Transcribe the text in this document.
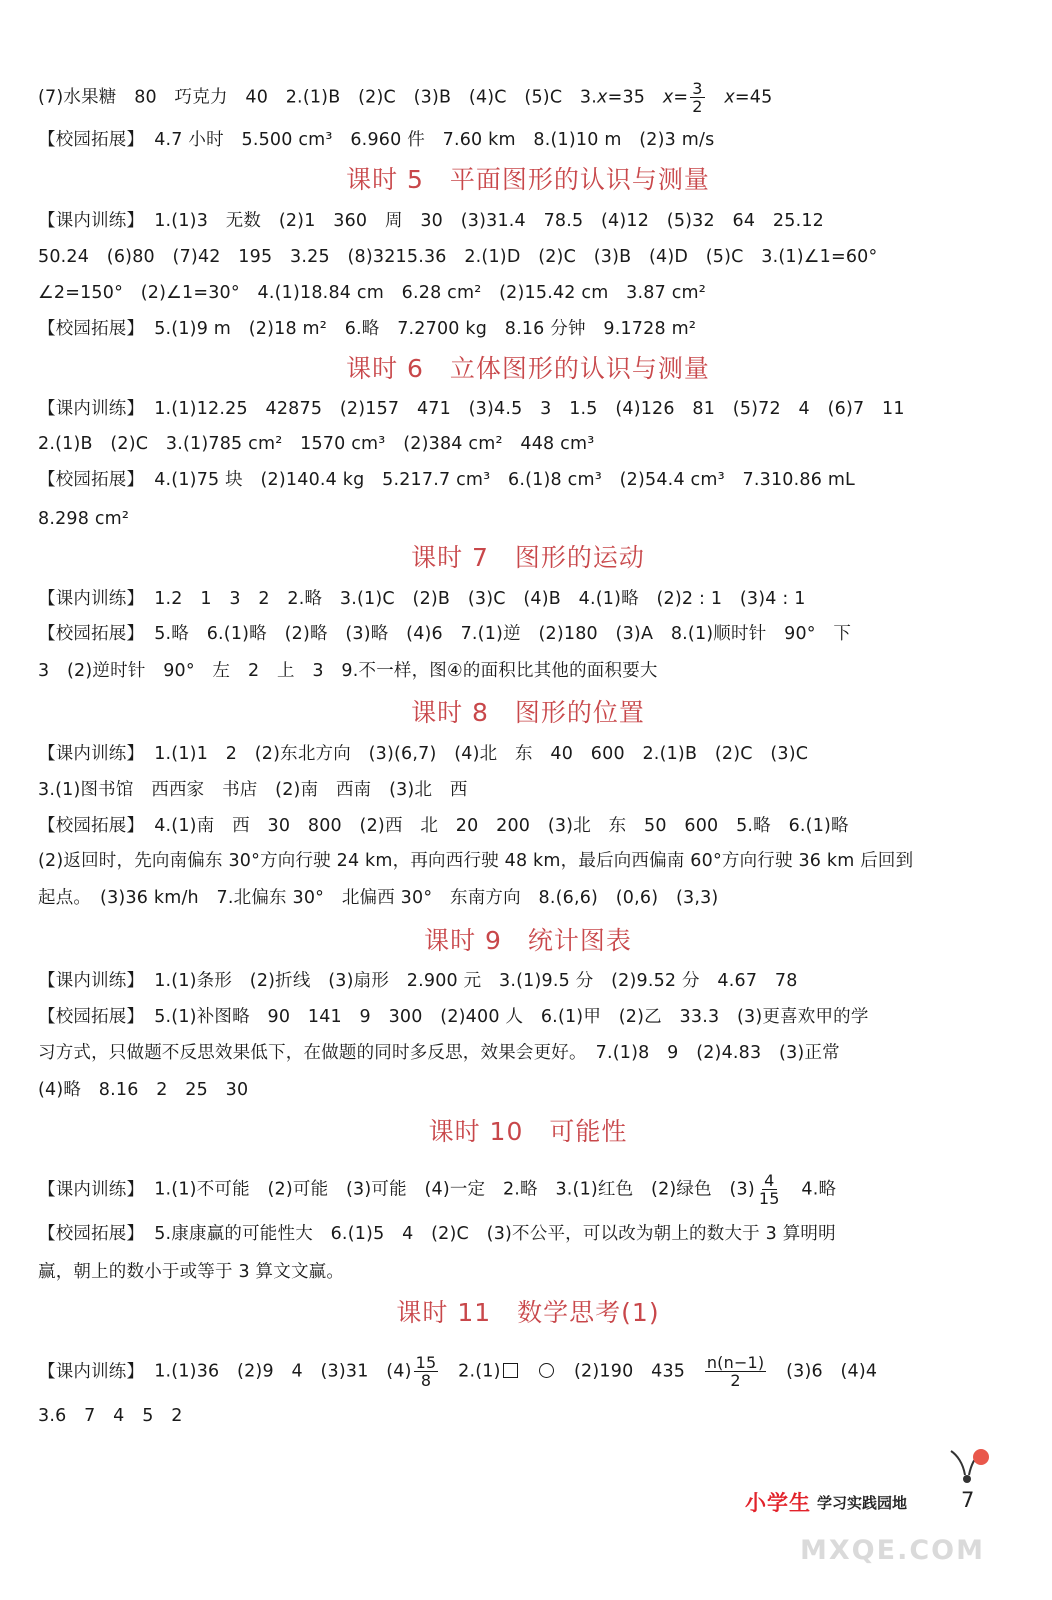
(7)水果糖　80　巧克力　40　2.(1)B　(2)C　(3)B　(4)C　(5)C　3.x=35　$x= \frac{3}{2}$
　 x=45
【校园拓展】 4.7 小时　5.500 cm³　6.960 件　7.60 km　8.(1)10 m　(2)3 m/s
课时 5　平面图形的认识与测量
【课内训练】 1.(1)3　无数　(2)1　360　周　30　(3)31.4　78.5　(4)12　(5)32　64　25.12
50.24　(6)80　(7)42　195　3.25　(8)3215.36　2.(1)D　(2)C　(3)B　(4)D　(5)C　3.(1)∠1=60°
∠2=150°　(2)∠1=30°　4.(1)18.84 cm　6.28 cm²　(2)15.42 cm　3.87 cm²
【校园拓展】 5.(1)9 m　(2)18 m²　6.略　7.2700 kg　8.16 分钟　9.1728 m²
课时 6　立体图形的认识与测量
【课内训练】 1.(1)12.25　42875　(2)157　471　(3)4.5　3　1.5　(4)126　81　(5)72　4　(6)7　11
2.(1)B　(2)C　3.(1)785 cm²　1570 cm³　(2)384 cm²　448 cm³
【校园拓展】 4.(1)75 块　(2)140.4 kg　5.217.7 cm³　6.(1)8 cm³　(2)54.4 cm³　7.310.86 mL
8.298 cm²
课时 7　图形的运动
【课内训练】 1.2　1　3　2　2.略　3.(1)C　(2)B　(3)C　(4)B　4.(1)略　(2)2 : 1　(3)4 : 1
【校园拓展】 5.略　6.(1)略　(2)略　(3)略　(4)6　7.(1)逆　(2)180　(3)A　8.(1)顺时针　90°　下
3　(2)逆时针　90°　左　2　上　3　9.不一样，图④的面积比其他的面积要大
课时 8　图形的位置
【课内训练】 1.(1)1　2　(2)东北方向　(3)(6,7)　(4)北　东　40　600　2.(1)B　(2)C　(3)C
3.(1)图书馆　西西家　书店　(2)南　西南　(3)北　西
【校园拓展】 4.(1)南　西　30　800　(2)西　北　20　200　(3)北　东　50　600　5.略　6.(1)略
(2)返回时，先向南偏东 30°方向行驶 24 km，再向西行驶 48 km，最后向西偏南 60°方向行驶 36 km 后回到
起点。　(3)36 km/h　7.北偏东 30°　北偏西 30°　东南方向　8.(6,6)　(0,6)　(3,3)
课时 9　统计图表
【课内训练】 1.(1)条形　(2)折线　(3)扇形　2.900 元　3.(1)9.5 分　(2)9.52 分　4.67　78
【校园拓展】 5.(1)补图略　90　141　9　300　(2)400 人　6.(1)甲　(2)乙　33.3　(3)更喜欢甲的学
习方式，只做题不反思效果低下，在做题的同时多反思，效果会更好。　7.(1)8　9　(2)4.83　(3)正常
(4)略　8.16　2　25　30
课时 10　可能性
【课内训练】 1.(1)不可能　(2)可能　(3)可能　(4)一定　2.略　3.(1)红色　(2)绿色　$(3) \frac{4}{15}$ 　4.略
【校园拓展】 5.康康赢的可能性大　6.(1)5　4　(2)C　(3)不公平，可以改为朝上的数大于 3 算明明
赢，朝上的数小于或等于 3 算文文赢。
课时 11　数学思考(1)
【课内训练】 1.(1)36　(2)9　4　(3)31　$(4) \frac{15}{8}$ 　2.(1)　	　(2)190　435　 $\frac{n(n-1)}{2}$ 　(3)6　(4)4
3.6　7　4　5　2
小学生 学习实践园地	7
MXQE.COM
